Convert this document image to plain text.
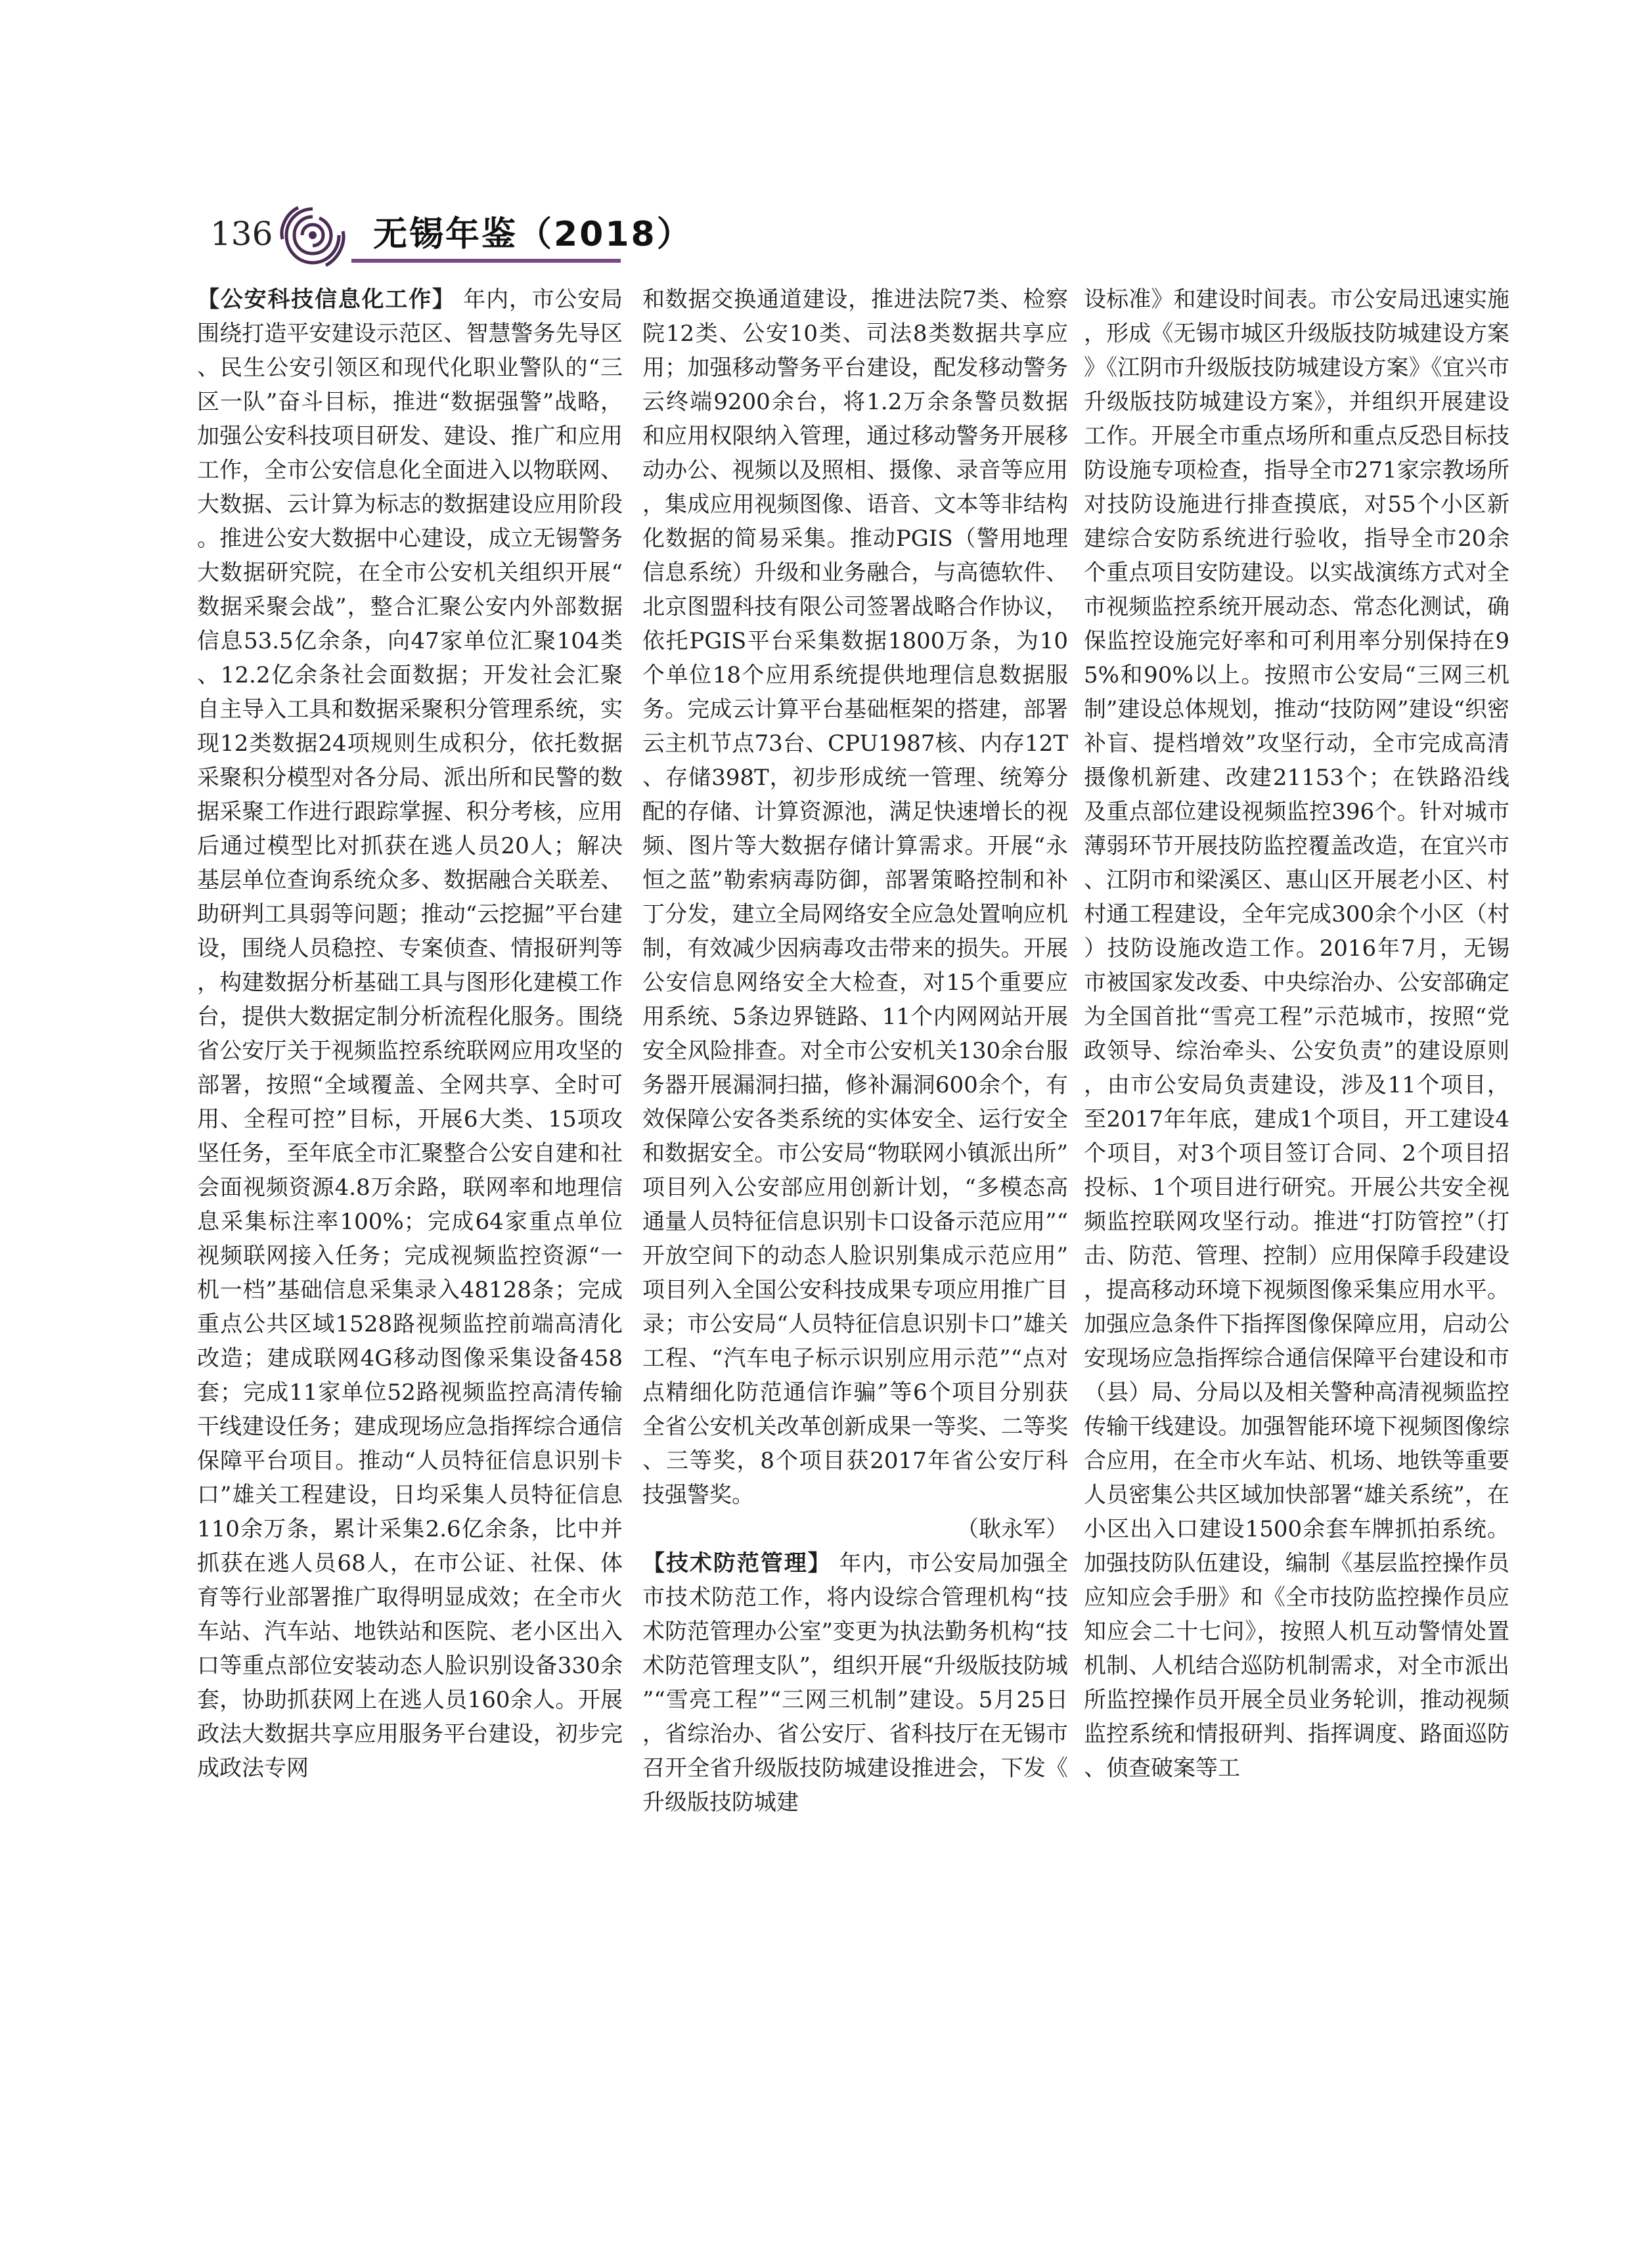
136	无锡年鉴（2018）

【公安科技信息化工作】 年内，市公安局围绕打造平安建设示范区、智慧警务先导区、民生公安引领区和现代化职业警队的“三区一队”奋斗目标，推进“数据强警”战略，加强公安科技项目研发、建设、推广和应用工作，全市公安信息化全面进入以物联网、大数据、云计算为标志的数据建设应用阶段。推进公安大数据中心建设，成立无锡警务大数据研究院，在全市公安机关组织开展“数据采聚会战”，整合汇聚公安内外部数据信息53.5亿余条，向47家单位汇聚104类、12.2亿余条社会面数据；开发社会汇聚自主导入工具和数据采聚积分管理系统，实现12类数据24项规则生成积分，依托数据采聚积分模型对各分局、派出所和民警的数据采聚工作进行跟踪掌握、积分考核，应用后通过模型比对抓获在逃人员20人；解决基层单位查询系统众多、数据融合关联差、助研判工具弱等问题；推动“云挖掘”平台建设，围绕人员稳控、专案侦查、情报研判等，构建数据分析基础工具与图形化建模工作台，提供大数据定制分析流程化服务。围绕省公安厅关于视频监控系统联网应用攻坚的部署，按照“全域覆盖、全网共享、全时可用、全程可控”目标，开展6大类、15项攻坚任务，至年底全市汇聚整合公安自建和社会面视频资源4.8万余路，联网率和地理信息采集标注率100%；完成64家重点单位视频联网接入任务；完成视频监控资源“一机一档”基础信息采集录入48128条；完成重点公共区域1528路视频监控前端高清化改造；建成联网4G移动图像采集设备458套；完成11家单位52路视频监控高清传输干线建设任务；建成现场应急指挥综合通信保障平台项目。推动“人员特征信息识别卡口”雄关工程建设，日均采集人员特征信息110余万条，累计采集2.6亿余条，比中并抓获在逃人员68人，在市公证、社保、体育等行业部署推广取得明显成效；在全市火车站、汽车站、地铁站和医院、老小区出入口等重点部位安装动态人脸识别设备330余套，协助抓获网上在逃人员160余人。开展政法大数据共享应用服务平台建设，初步完成政法专网

和数据交换通道建设，推进法院7类、检察院12类、公安10类、司法8类数据共享应用；加强移动警务平台建设，配发移动警务云终端9200余台，将1.2万余条警员数据和应用权限纳入管理，通过移动警务开展移动办公、视频以及照相、摄像、录音等应用，集成应用视频图像、语音、文本等非结构化数据的简易采集。推动PGIS（警用地理信息系统）升级和业务融合，与高德软件、北京图盟科技有限公司签署战略合作协议，依托PGIS平台采集数据1800万条，为10个单位18个应用系统提供地理信息数据服务。完成云计算平台基础框架的搭建，部署云主机节点73台、CPU1987核、内存12T、存储398T，初步形成统一管理、统筹分配的存储、计算资源池，满足快速增长的视频、图片等大数据存储计算需求。开展“永恒之蓝”勒索病毒防御，部署策略控制和补丁分发，建立全局网络安全应急处置响应机制，有效减少因病毒攻击带来的损失。开展公安信息网络安全大检查，对15个重要应用系统、5条边界链路、11个内网网站开展安全风险排查。对全市公安机关130余台服务器开展漏洞扫描，修补漏洞600余个，有效保障公安各类系统的实体安全、运行安全和数据安全。市公安局“物联网小镇派出所”项目列入公安部应用创新计划，“多模态高通量人员特征信息识别卡口设备示范应用”“开放空间下的动态人脸识别集成示范应用”项目列入全国公安科技成果专项应用推广目录；市公安局“人员特征信息识别卡口”雄关工程、“汽车电子标示识别应用示范”“点对点精细化防范通信诈骗”等6个项目分别获全省公安机关改革创新成果一等奖、二等奖、三等奖，8个项目获2017年省公安厅科技强警奖。

（耿永军）

【技术防范管理】 年内，市公安局加强全市技术防范工作，将内设综合管理机构“技术防范管理办公室”变更为执法勤务机构“技术防范管理支队”，组织开展“升级版技防城”“雪亮工程”“三网三机制”建设。5月25日，省综治办、省公安厅、省科技厅在无锡市召开全省升级版技防城建设推进会，下发《升级版技防城建

设标准》和建设时间表。市公安局迅速实施，形成《无锡市城区升级版技防城建设方案》《江阴市升级版技防城建设方案》《宜兴市升级版技防城建设方案》，并组织开展建设工作。开展全市重点场所和重点反恐目标技防设施专项检查，指导全市271家宗教场所对技防设施进行排查摸底，对55个小区新建综合安防系统进行验收，指导全市20余个重点项目安防建设。以实战演练方式对全市视频监控系统开展动态、常态化测试，确保监控设施完好率和可利用率分别保持在95%和90%以上。按照市公安局“三网三机制”建设总体规划，推动“技防网”建设“织密补盲、提档增效”攻坚行动，全市完成高清摄像机新建、改建21153个；在铁路沿线及重点部位建设视频监控396个。针对城市薄弱环节开展技防监控覆盖改造，在宜兴市、江阴市和梁溪区、惠山区开展老小区、村村通工程建设，全年完成300余个小区（村）技防设施改造工作。2016年7月，无锡市被国家发改委、中央综治办、公安部确定为全国首批“雪亮工程”示范城市，按照“党政领导、综治牵头、公安负责”的建设原则，由市公安局负责建设，涉及11个项目，至2017年年底，建成1个项目，开工建设4个项目，对3个项目签订合同、2个项目招投标、1个项目进行研究。开展公共安全视频监控联网攻坚行动。推进“打防管控”（打击、防范、管理、控制）应用保障手段建设，提高移动环境下视频图像采集应用水平。加强应急条件下指挥图像保障应用，启动公安现场应急指挥综合通信保障平台建设和市（县）局、分局以及相关警种高清视频监控传输干线建设。加强智能环境下视频图像综合应用，在全市火车站、机场、地铁等重要人员密集公共区域加快部署“雄关系统”，在小区出入口建设1500余套车牌抓拍系统。加强技防队伍建设，编制《基层监控操作员应知应会手册》和《全市技防监控操作员应知应会二十七问》，按照人机互动警情处置机制、人机结合巡防机制需求，对全市派出所监控操作员开展全员业务轮训，推动视频监控系统和情报研判、指挥调度、路面巡防、侦查破案等工
